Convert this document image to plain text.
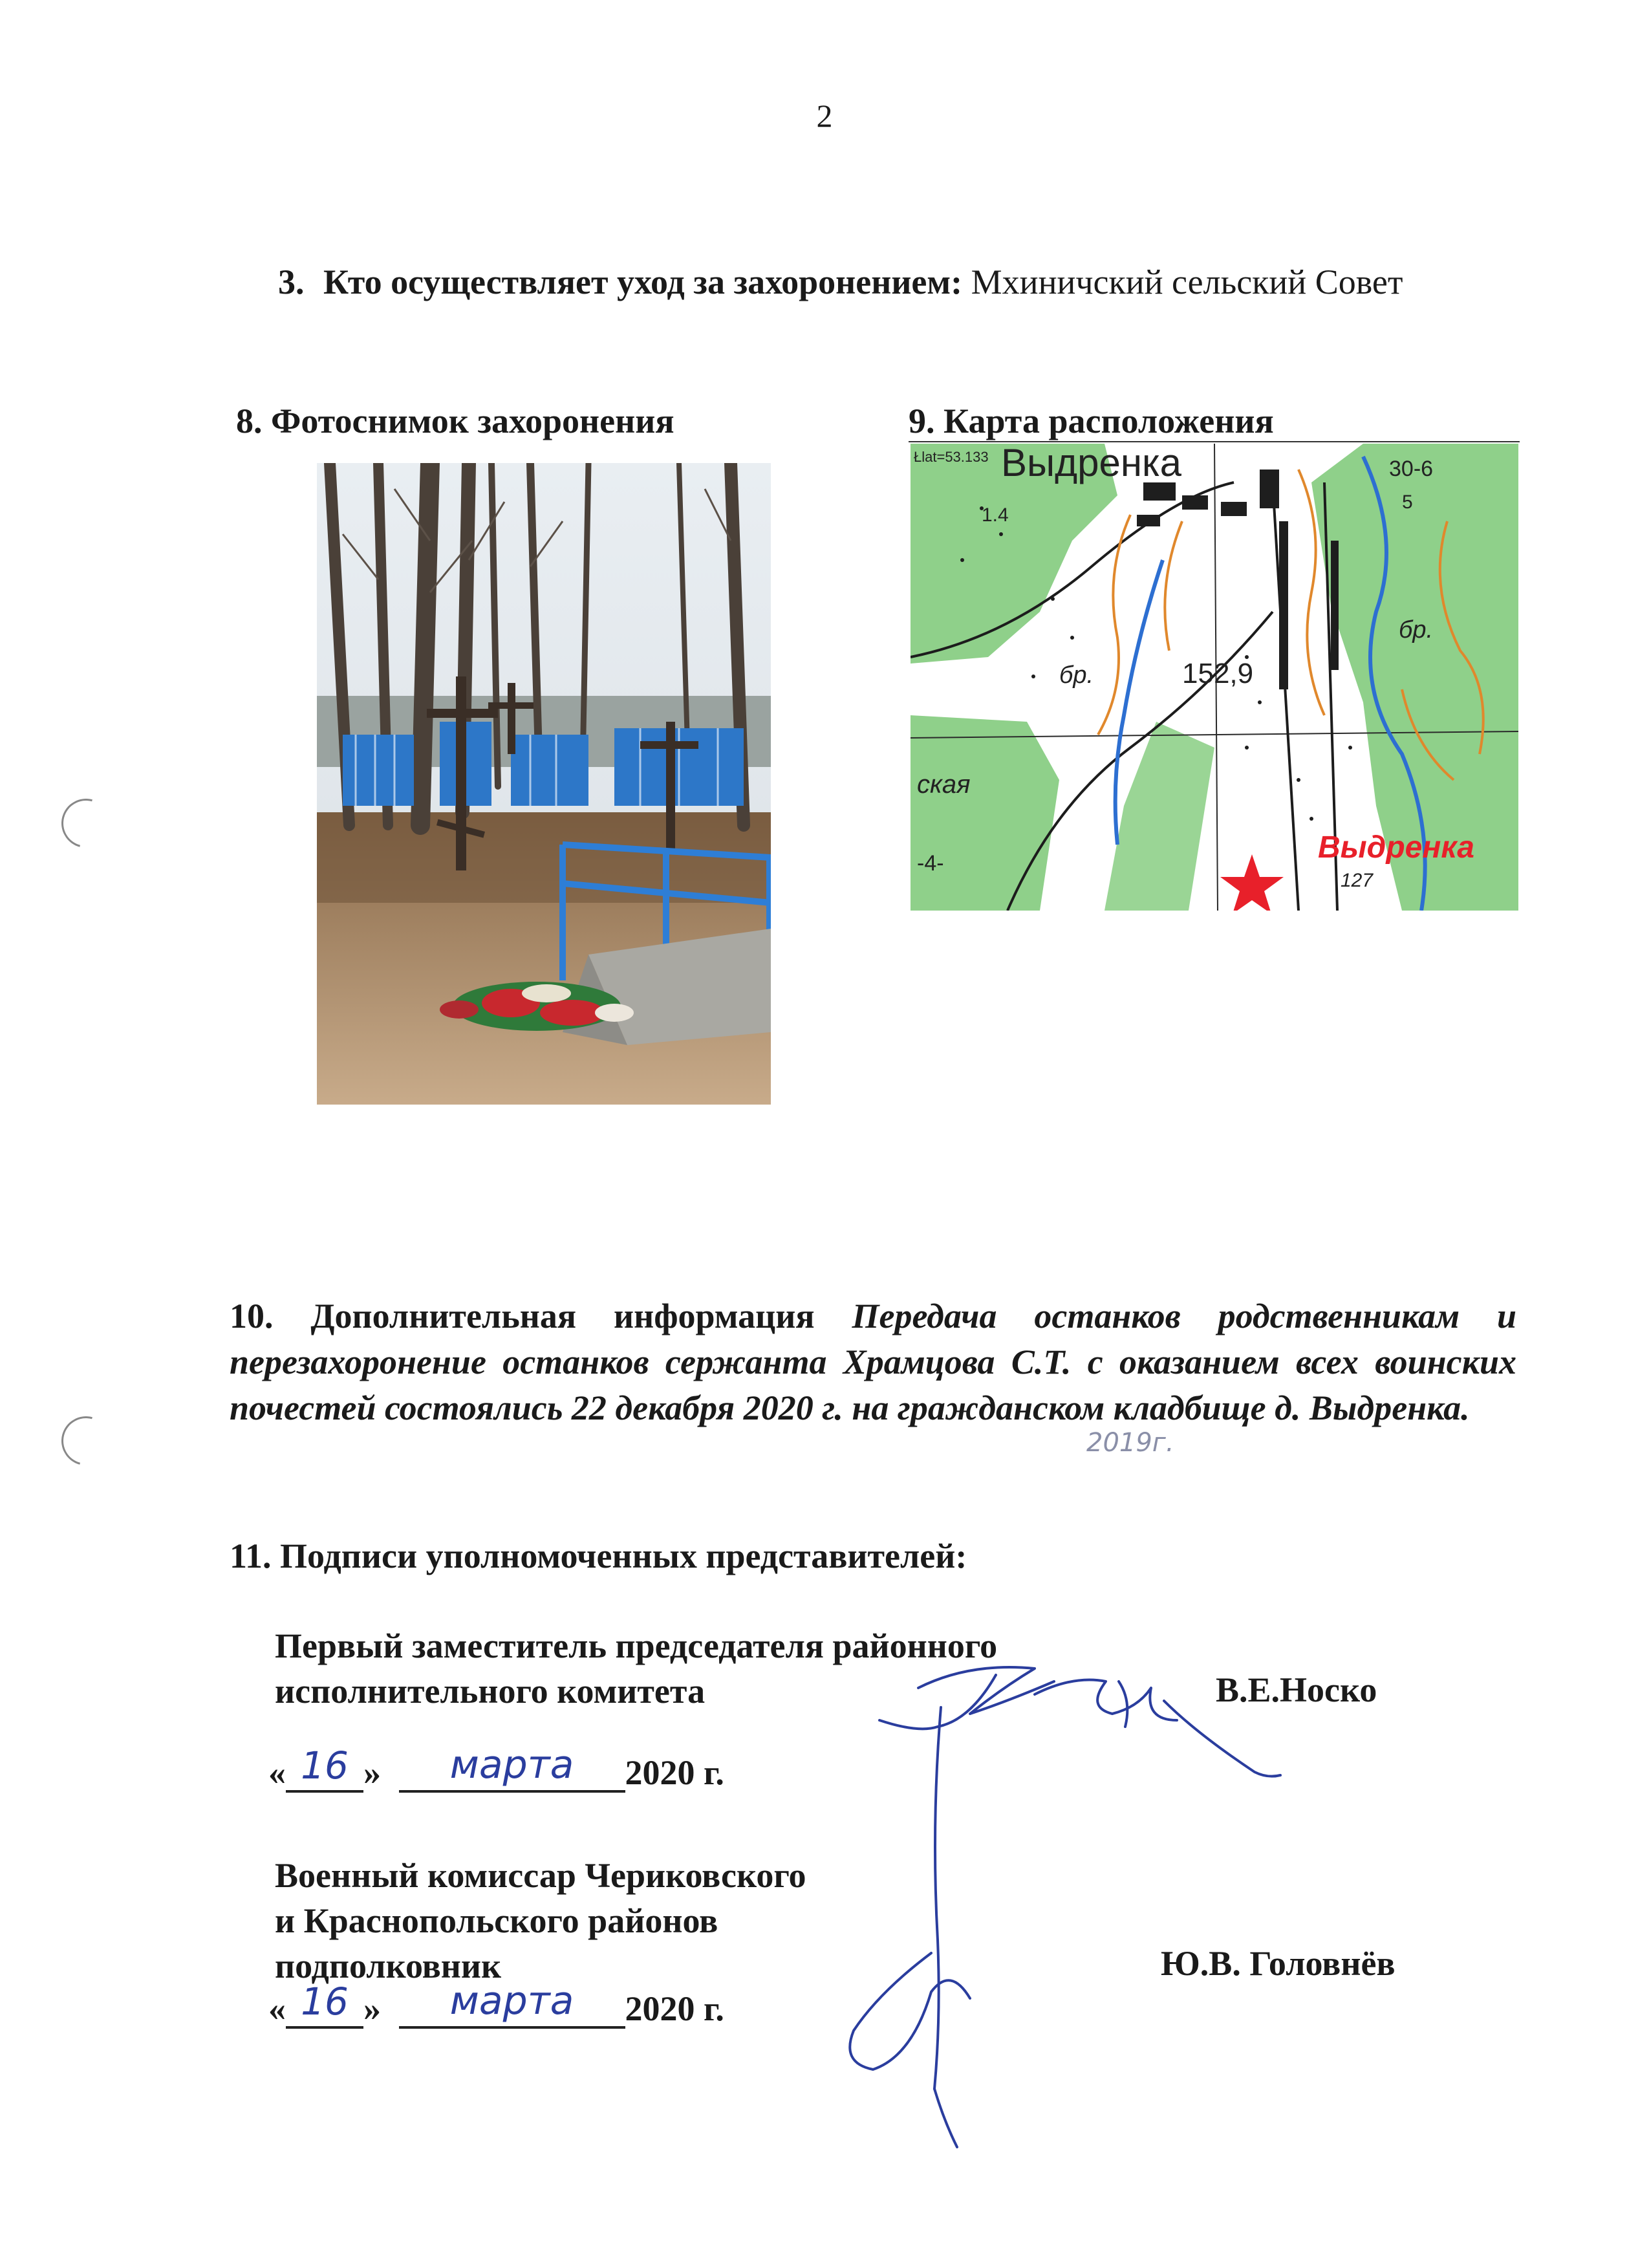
2
3. Кто осуществляет уход за захоронением: Мхиничский сельский Совет
8. Фотоснимок захоронения	9. Карта расположения
Łlat=53.133 Выдренка
1.4
30-6
5
бр.
бр.	152,9
ская
-4-	Выдренка
127
10. Дополнительная информация Передача останков родственникам и перезахоронение останков сержанта Храмцова С.Т. с оказанием всех воинских почестей состоялись 22 декабря 2020 г. на гражданском кладбище д. Выдренка.
2019г.
11. Подписи уполномоченных представителей:
Первый заместитель председателя районного
исполнительного комитета	В.Е.Носко
« 16 »	марта	2020 г.
Военный комиссар Чериковского
и Краснопольского районов
подполковник	Ю.В. Головнёв
« 16 »	марта	2020 г.
